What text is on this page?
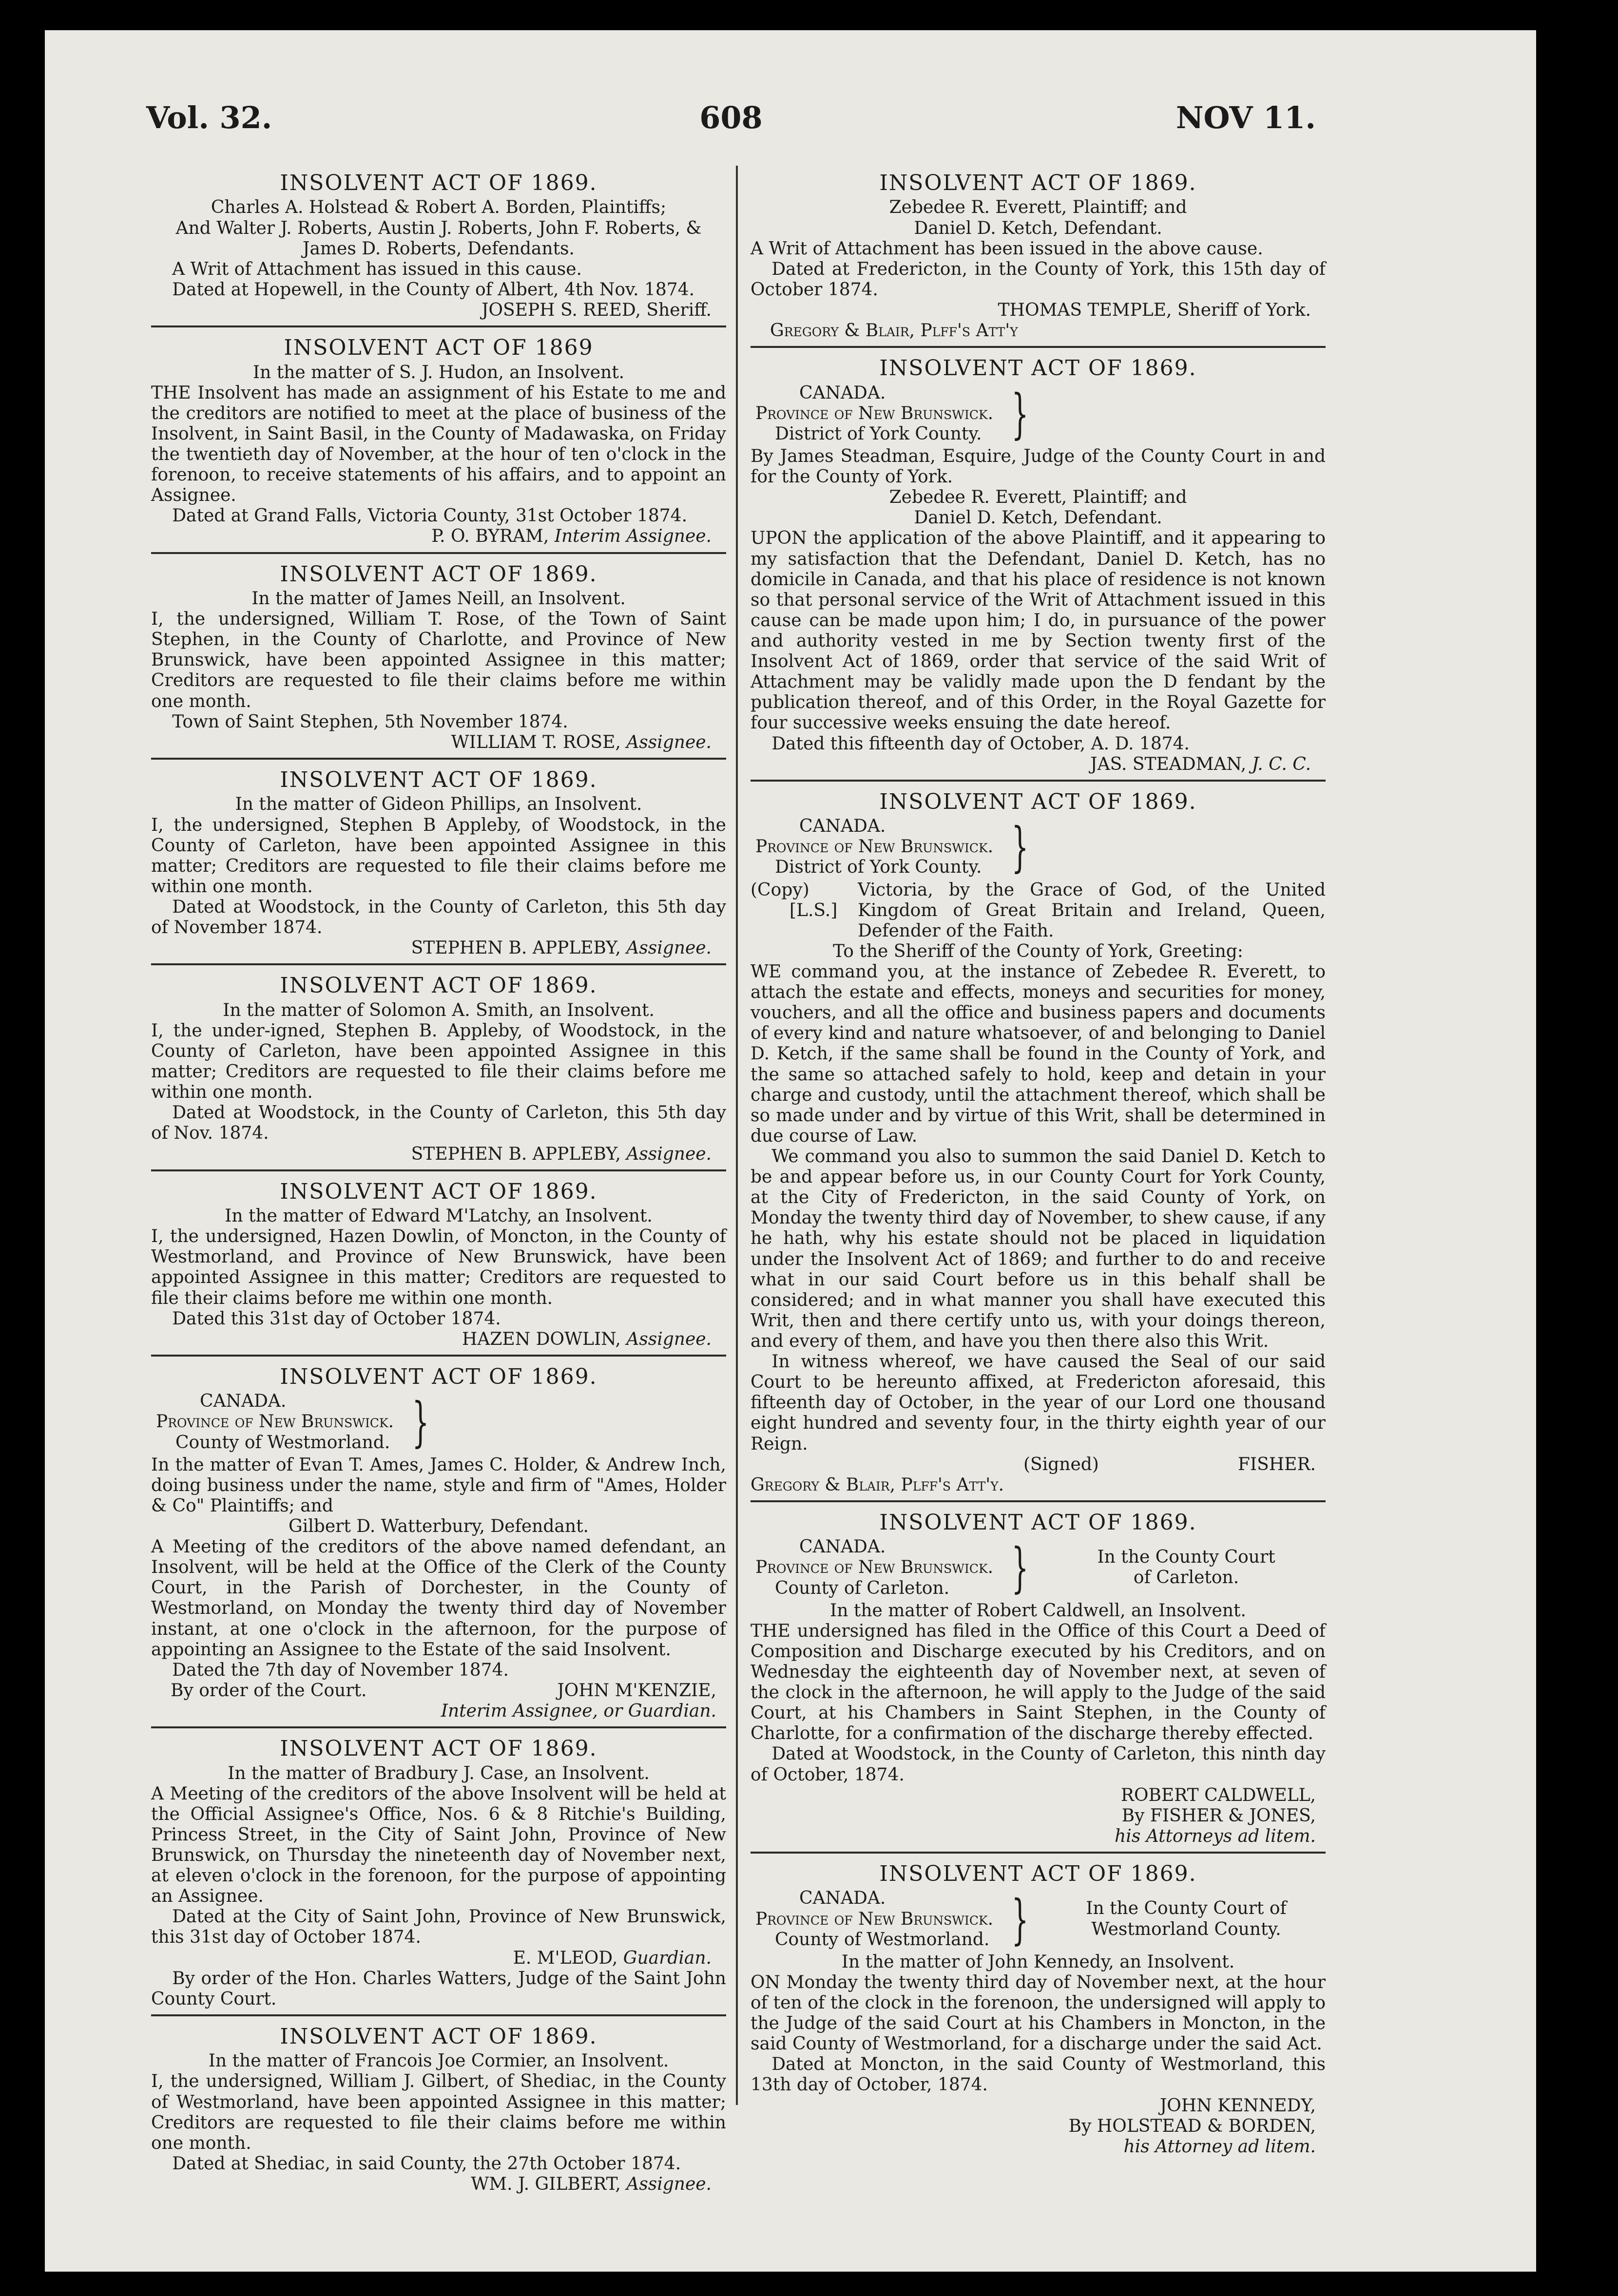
Vol. 32.	608	NOV 11.
INSOLVENT ACT OF 1869.
Charles A. Holstead & Robert A. Borden, Plaintiffs;
And Walter J. Roberts, Austin J. Roberts, John F. Roberts, &
James D. Roberts, Defendants.

A Writ of Attachment has issued in this cause.

Dated at Hopewell, in the County of Albert, 4th Nov. 1874.

JOSEPH S. REED, Sheriff.
INSOLVENT ACT OF 1869
In the matter of S. J. Hudon, an Insolvent.

THE Insolvent has made an assignment of his Estate to me and the creditors are notified to meet at the place of business of the Insolvent, in Saint Basil, in the County of Madawaska, on Friday the twentieth day of November, at the hour of ten o'clock in the forenoon, to receive statements of his affairs, and to appoint an Assignee.

Dated at Grand Falls, Victoria County, 31st October 1874.

P. O. BYRAM, Interim Assignee.
INSOLVENT ACT OF 1869.
In the matter of James Neill, an Insolvent.

I, the undersigned, William T. Rose, of the Town of Saint Stephen, in the County of Charlotte, and Province of New Brunswick, have been appointed Assignee in this matter; Creditors are requested to file their claims before me within one month.

Town of Saint Stephen, 5th November 1874.

WILLIAM T. ROSE, Assignee.
INSOLVENT ACT OF 1869.
In the matter of Gideon Phillips, an Insolvent.

I, the undersigned, Stephen B Appleby, of Woodstock, in the County of Carleton, have been appointed Assignee in this matter; Creditors are requested to file their claims before me within one month.

Dated at Woodstock, in the County of Carleton, this 5th day of November 1874.

STEPHEN B. APPLEBY, Assignee.
INSOLVENT ACT OF 1869.
In the matter of Solomon A. Smith, an Insolvent.

I, the under-igned, Stephen B. Appleby, of Woodstock, in the County of Carleton, have been appointed Assignee in this matter; Creditors are requested to file their claims before me within one month.

Dated at Woodstock, in the County of Carleton, this 5th day of Nov. 1874.

STEPHEN B. APPLEBY, Assignee.
INSOLVENT ACT OF 1869.
In the matter of Edward M'Latchy, an Insolvent.

I, the undersigned, Hazen Dowlin, of Moncton, in the County of Westmorland, and Province of New Brunswick, have been appointed Assignee in this matter; Creditors are requested to file their claims before me within one month.

Dated this 31st day of October 1874.

HAZEN DOWLIN, Assignee.
INSOLVENT ACT OF 1869.
CANADA.
Province of New Brunswick.
County of Westmorland. }

In the matter of Evan T. Ames, James C. Holder, & Andrew Inch, doing business under the name, style and firm of "Ames, Holder & Co" Plaintiffs; and

Gilbert D. Watterbury, Defendant.

A Meeting of the creditors of the above named defendant, an Insolvent, will be held at the Office of the Clerk of the County Court, in the Parish of Dorchester, in the County of Westmorland, on Monday the twenty third day of November instant, at one o'clock in the afternoon, for the purpose of appointing an Assignee to the Estate of the said Insolvent.

Dated the 7th day of November 1874.

By order of the Court.	JOHN M'KENZIE,
Interim Assignee, or Guardian.
INSOLVENT ACT OF 1869.
In the matter of Bradbury J. Case, an Insolvent.

A Meeting of the creditors of the above Insolvent will be held at the Official Assignee's Office, Nos. 6 & 8 Ritchie's Building, Princess Street, in the City of Saint John, Province of New Brunswick, on Thursday the nineteenth day of November next, at eleven o'clock in the forenoon, for the purpose of appointing an Assignee.

Dated at the City of Saint John, Province of New Brunswick, this 31st day of October 1874.

E. M'LEOD, Guardian.

By order of the Hon. Charles Watters, Judge of the Saint John County Court.

INSOLVENT ACT OF 1869.
In the matter of Francois Joe Cormier, an Insolvent.

I, the undersigned, William J. Gilbert, of Shediac, in the County of Westmorland, have been appointed Assignee in this matter; Creditors are requested to file their claims before me within one month.

Dated at Shediac, in said County, the 27th October 1874.

WM. J. GILBERT, Assignee.
INSOLVENT ACT OF 1869.
Zebedee R. Everett, Plaintiff; and
Daniel D. Ketch, Defendant.

A Writ of Attachment has been issued in the above cause.

Dated at Fredericton, in the County of York, this 15th day of October 1874.

THOMAS TEMPLE, Sheriff of York.
Gregory & Blair, Plff's Att'y
INSOLVENT ACT OF 1869.
CANADA.
Province of New Brunswick.
District of York County. }

By James Steadman, Esquire, Judge of the County Court in and for the County of York.

Zebedee R. Everett, Plaintiff; and
Daniel D. Ketch, Defendant.

UPON the application of the above Plaintiff, and it appearing to my satisfaction that the Defendant, Daniel D. Ketch, has no domicile in Canada, and that his place of residence is not known so that personal service of the Writ of Attachment issued in this cause can be made upon him; I do, in pursuance of the power and authority vested in me by Section twenty first of the Insolvent Act of 1869, order that service of the said Writ of Attachment may be validly made upon the D fendant by the publication thereof, and of this Order, in the Royal Gazette for four successive weeks ensuing the date hereof.

Dated this fifteenth day of October, A. D. 1874.

JAS. STEADMAN, J. C. C.
INSOLVENT ACT OF 1869.
CANADA.
Province of New Brunswick.
District of York County. }
(Copy)
[L.S.]
Victoria, by the Grace of God, of the United Kingdom of Great Britain and Ireland, Queen, Defender of the Faith.
To the Sheriff of the County of York, Greeting:

WE command you, at the instance of Zebedee R. Everett, to attach the estate and effects, moneys and securities for money, vouchers, and all the office and business papers and documents of every kind and nature whatsoever, of and belonging to Daniel D. Ketch, if the same shall be found in the County of York, and the same so attached safely to hold, keep and detain in your charge and custody, until the attachment thereof, which shall be so made under and by virtue of this Writ, shall be determined in due course of Law.

We command you also to summon the said Daniel D. Ketch to be and appear before us, in our County Court for York County, at the City of Fredericton, in the said County of York, on Monday the twenty third day of November, to shew cause, if any he hath, why his estate should not be placed in liquidation under the Insolvent Act of 1869; and further to do and receive what in our said Court before us in this behalf shall be considered; and in what manner you shall have executed this Writ, then and there certify unto us, with your doings thereon, and every of them, and have you then there also this Writ.

In witness whereof, we have caused the Seal of our said Court to be hereunto affixed, at Fredericton aforesaid, this fifteenth day of October, in the year of our Lord one thousand eight hundred and seventy four, in the thirty eighth year of our Reign.

(Signed)	FISHER.
Gregory & Blair, Plff's Att'y.
INSOLVENT ACT OF 1869.
CANADA.
Province of New Brunswick.
County of Carleton.	}	In the County Court
of Carleton.
In the matter of Robert Caldwell, an Insolvent.

THE undersigned has filed in the Office of this Court a Deed of Composition and Discharge executed by his Creditors, and on Wednesday the eighteenth day of November next, at seven of the clock in the afternoon, he will apply to the Judge of the said Court, at his Chambers in Saint Stephen, in the County of Charlotte, for a confirmation of the discharge thereby effected.

Dated at Woodstock, in the County of Carleton, this ninth day of October, 1874.

ROBERT CALDWELL,
By FISHER & JONES,
his Attorneys ad litem.
INSOLVENT ACT OF 1869.
CANADA.
Province of New Brunswick.
County of Westmorland. }	In the County Court of
Westmorland County.
In the matter of John Kennedy, an Insolvent.

ON Monday the twenty third day of November next, at the hour of ten of the clock in the forenoon, the undersigned will apply to the Judge of the said Court at his Chambers in Moncton, in the said County of Westmorland, for a discharge under the said Act.

Dated at Moncton, in the said County of Westmorland, this 13th day of October, 1874.

JOHN KENNEDY,
By HOLSTEAD & BORDEN,
his Attorney ad litem.
